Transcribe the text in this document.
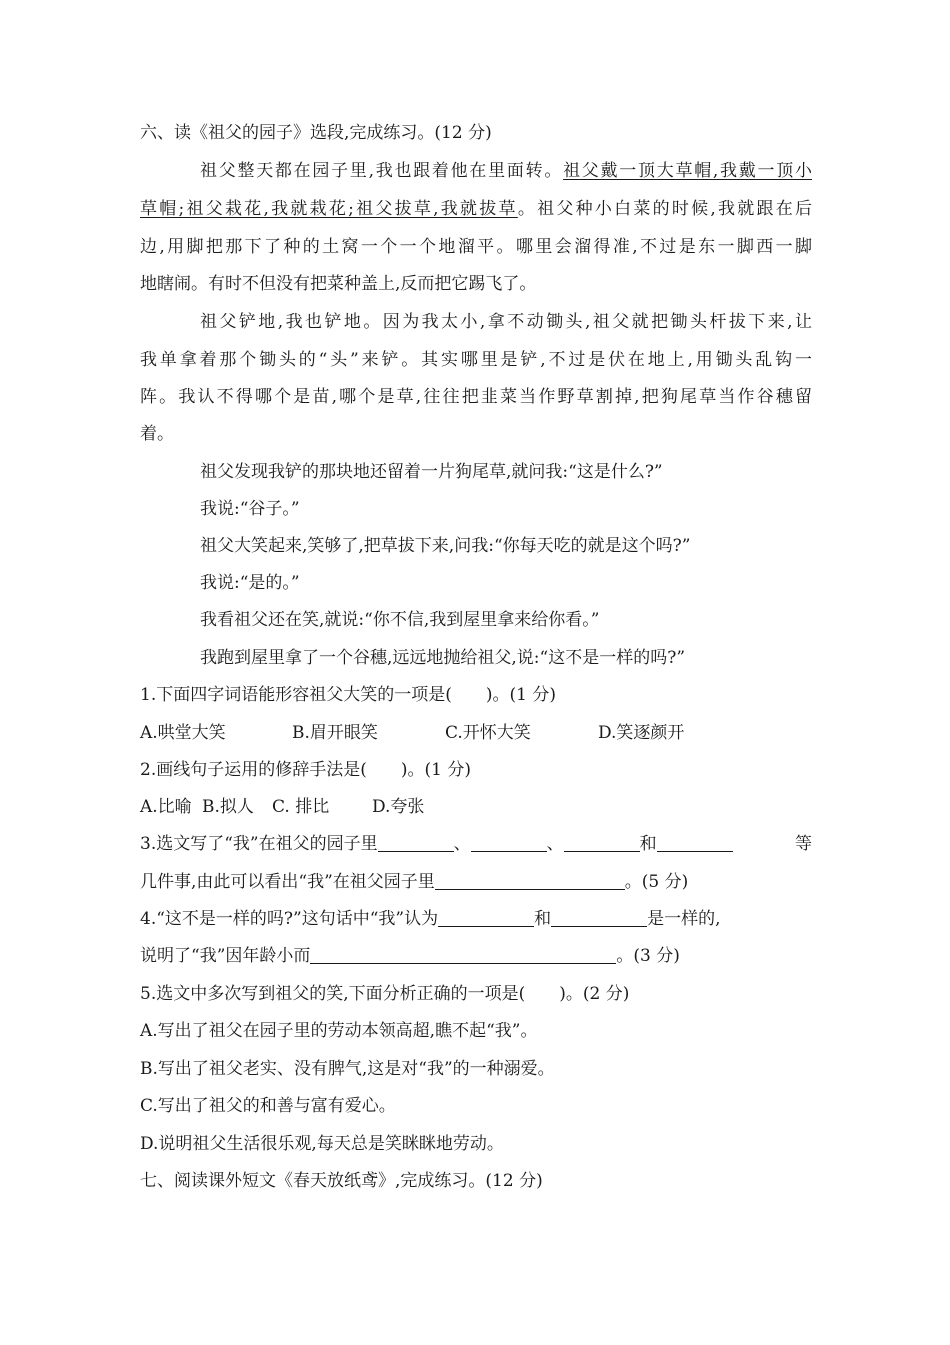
六、读《祖父的园子》选段,完成练习。(12 分)
祖父整天都在园子里,我也跟着他在里面转。祖父戴一顶大草帽,我戴一顶小
草帽;祖父栽花,我就栽花;祖父拔草,我就拔草。祖父种小白菜的时候,我就跟在后
边,用脚把那下了种的土窝一个一个地溜平。哪里会溜得准,不过是东一脚西一脚
地瞎闹。有时不但没有把菜种盖上,反而把它踢飞了。
祖父铲地,我也铲地。因为我太小,拿不动锄头,祖父就把锄头杆拔下来,让
我单拿着那个锄头的“头”来铲。其实哪里是铲,不过是伏在地上,用锄头乱钩一
阵。我认不得哪个是苗,哪个是草,往往把韭菜当作野草割掉,把狗尾草当作谷穗留
着。
祖父发现我铲的那块地还留着一片狗尾草,就问我:“这是什么?”
我说:“谷子。”
祖父大笑起来,笑够了,把草拔下来,问我:“你每天吃的就是这个吗?”
我说:“是的。”
我看祖父还在笑,就说:“你不信,我到屋里拿来给你看。”
我跑到屋里拿了一个谷穗,远远地抛给祖父,说:“这不是一样的吗?”
1.下面四字词语能形容祖父大笑的一项是(　　)。(1 分)
A.哄堂大笑	B.眉开眼笑	C.开怀大笑	D.笑逐颜开
2.画线句子运用的修辞手法是(　　)。(1 分)
A.比喻 B.拟人 C. 排比	D.夸张
3.选文写了“我”在祖父的园子里	、	、	和	等
几件事,由此可以看出“我”在祖父园子里	。(5 分)
4.“这不是一样的吗?”这句话中“我”认为	和	是一样的,
说明了“我”因年龄小而	。(3 分)
5.选文中多次写到祖父的笑,下面分析正确的一项是(　　)。(2 分)
A.写出了祖父在园子里的劳动本领高超,瞧不起“我”。
B.写出了祖父老实、没有脾气,这是对“我”的一种溺爱。
C.写出了祖父的和善与富有爱心。
D.说明祖父生活很乐观,每天总是笑眯眯地劳动。
七、阅读课外短文《春天放纸鸢》,完成练习。(12 分)
